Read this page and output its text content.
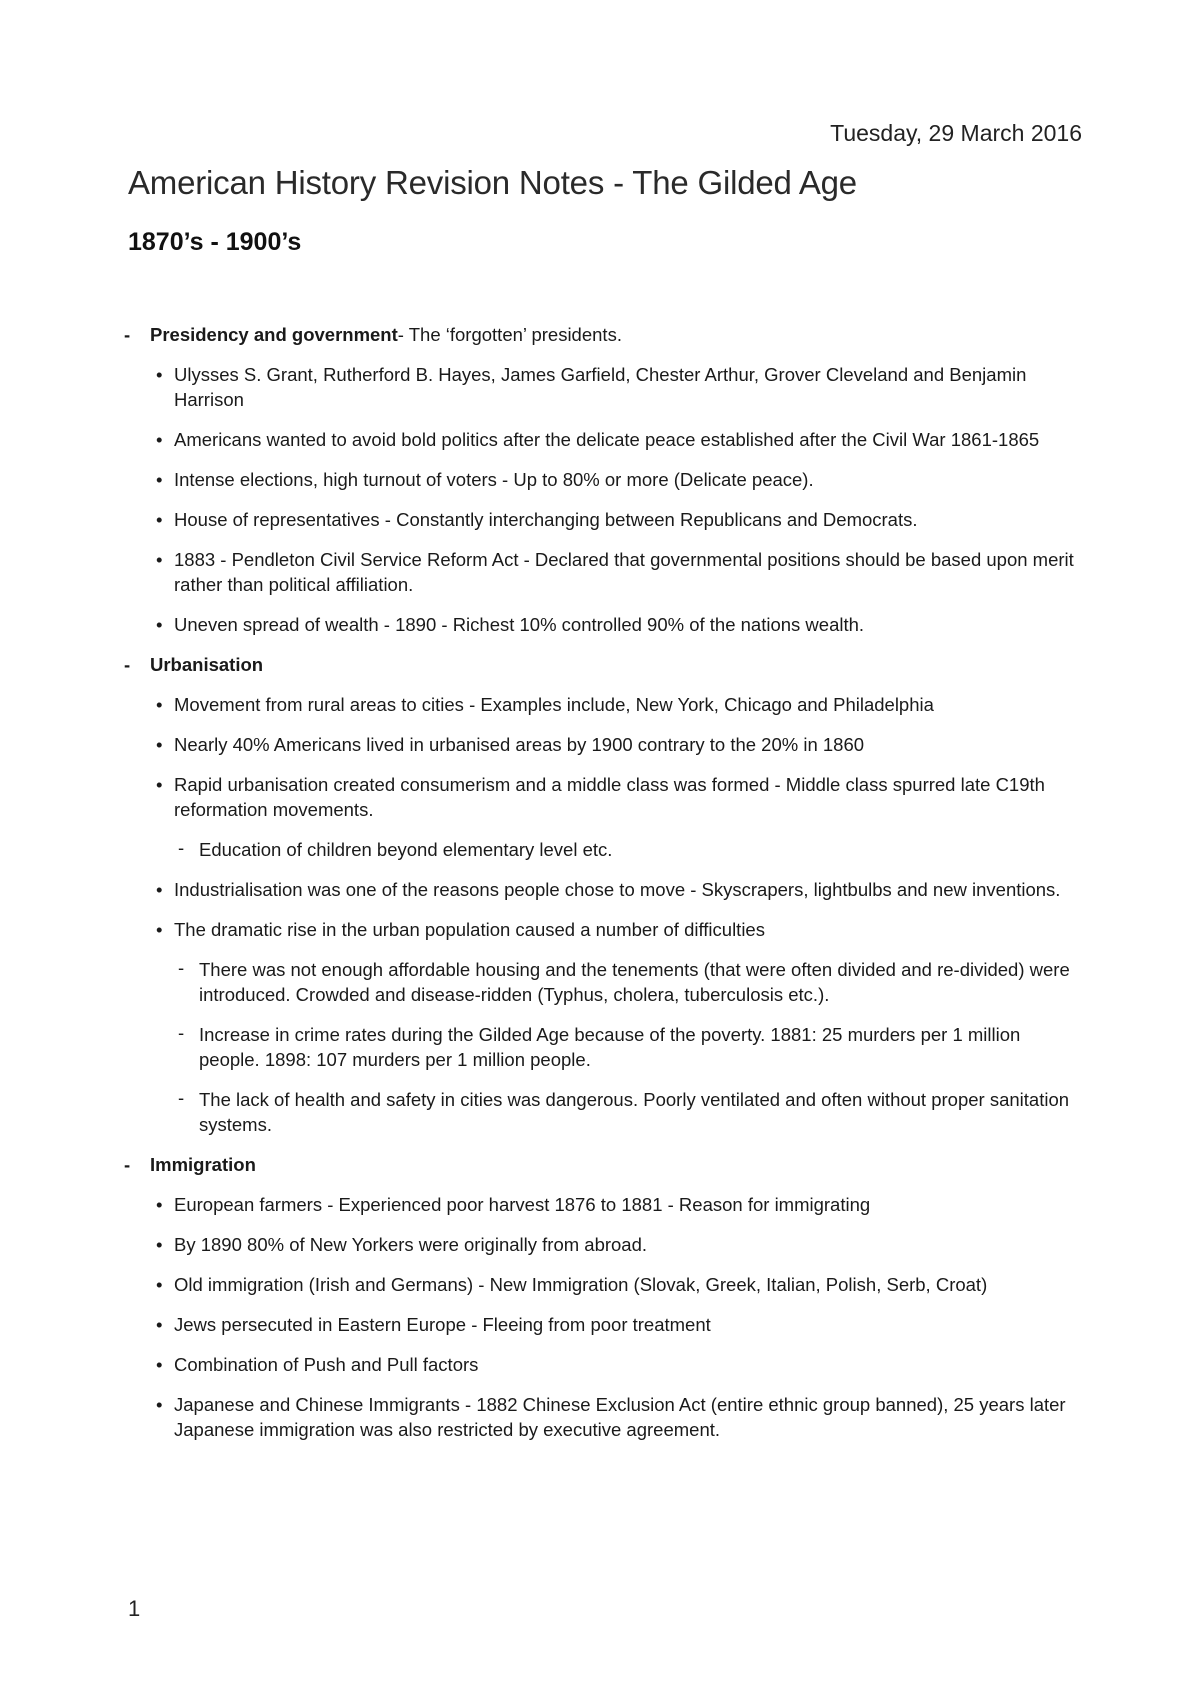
Tuesday, 29 March 2016
American History Revision Notes - The Gilded Age
1870’s - 1900’s
- Presidency and government- The ‘forgotten’ presidents.
• Ulysses S. Grant, Rutherford B. Hayes, James Garfield, Chester Arthur, Grover Cleveland and Benjamin Harrison
• Americans wanted to avoid bold politics after the delicate peace established after the Civil War 1861-1865
• Intense elections, high turnout of voters - Up to 80% or more (Delicate peace).
• House of representatives - Constantly interchanging between Republicans and Democrats.
• 1883 - Pendleton Civil Service Reform Act - Declared that governmental positions should be based upon merit rather than political affiliation.
• Uneven spread of wealth - 1890 - Richest 10% controlled 90% of the nations wealth.
- Urbanisation
• Movement from rural areas to cities - Examples include, New York, Chicago and Philadelphia
• Nearly 40% Americans lived in urbanised areas by 1900 contrary to the 20% in 1860
• Rapid urbanisation created consumerism and a middle class was formed - Middle class spurred late C19th reformation movements.
- Education of children beyond elementary level etc.
• Industrialisation was one of the reasons people chose to move - Skyscrapers, lightbulbs and new inventions.
• The dramatic rise in the urban population caused a number of difficulties
- There was not enough affordable housing and the tenements (that were often divided and re-divided) were introduced. Crowded and disease-ridden (Typhus, cholera, tuberculosis etc.).
- Increase in crime rates during the Gilded Age because of the poverty. 1881: 25 murders per 1 million people. 1898: 107 murders per 1 million people.
- The lack of health and safety in cities was dangerous. Poorly ventilated and often without proper sanitation systems.
- Immigration
• European farmers - Experienced poor harvest 1876 to 1881 - Reason for immigrating
• By 1890 80% of New Yorkers were originally from abroad.
• Old immigration (Irish and Germans) - New Immigration (Slovak, Greek, Italian, Polish, Serb, Croat)
• Jews persecuted in Eastern Europe - Fleeing from poor treatment
• Combination of Push and Pull factors
• Japanese and Chinese Immigrants - 1882 Chinese Exclusion Act (entire ethnic group banned), 25 years later Japanese immigration was also restricted by executive agreement.
1
